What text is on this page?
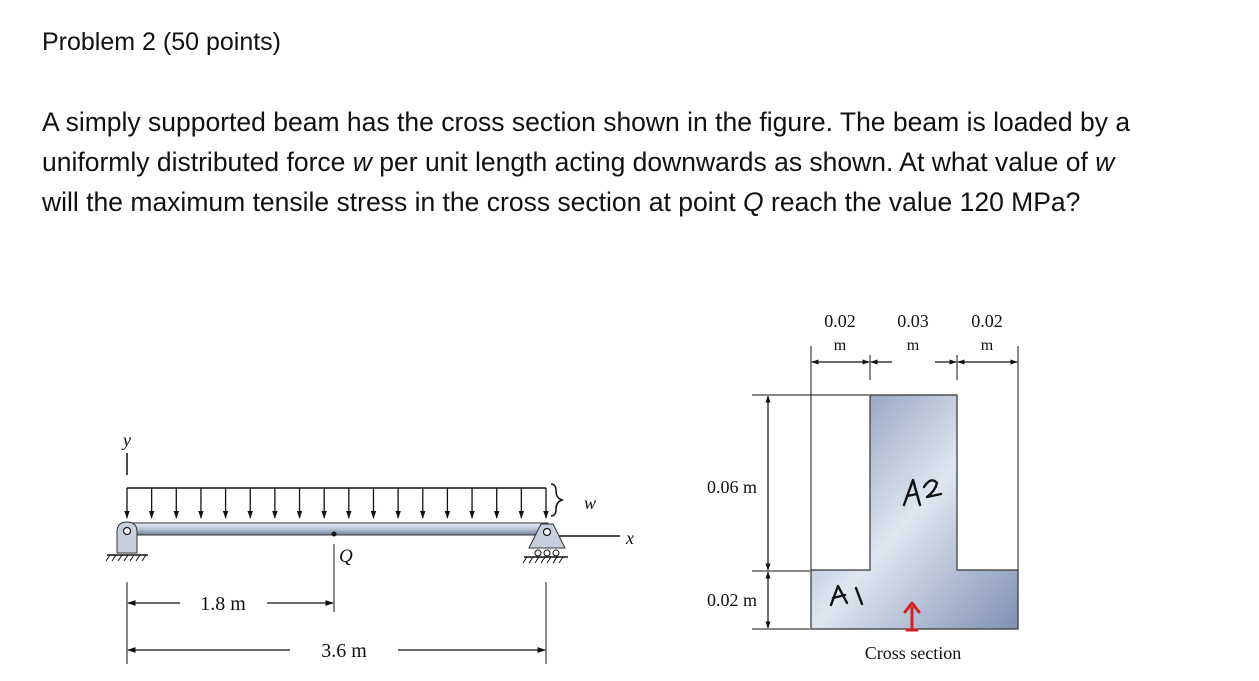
Problem 2 (50 points)

A simply supported beam has the cross section shown in the figure. The beam is loaded by a
uniformly distributed force w per unit length acting downwards as shown. At what value of w
will the maximum tensile stress in the cross section at point Q reach the value 120 MPa?

y
w
x
Q
1.8 m
3.6 m
0.02
m
0.03
m
0.02
m
0.06 m
0.02 m
Cross section
